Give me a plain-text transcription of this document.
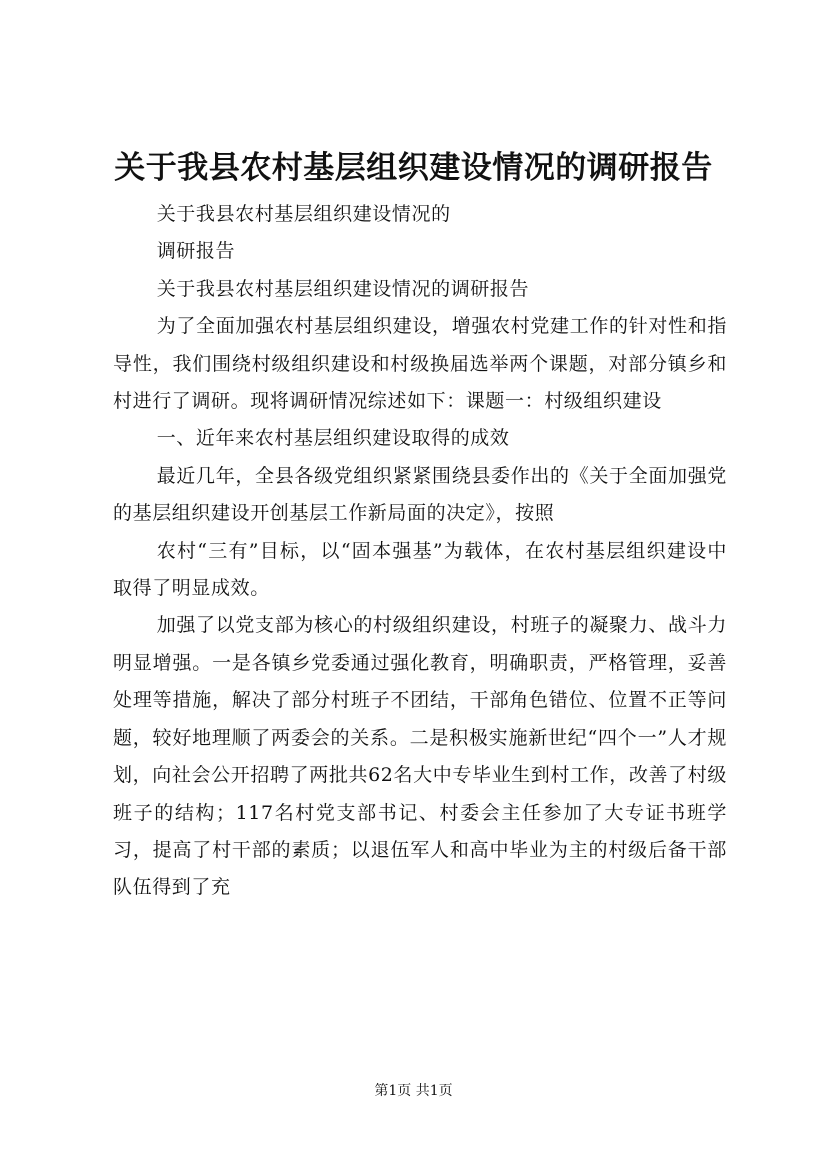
关于我县农村基层组织建设情况的调研报告

关于我县农村基层组织建设情况的

调研报告

关于我县农村基层组织建设情况的调研报告

为了全面加强农村基层组织建设，增强农村党建工作的针对性和指导性，我们围绕村级组织建设和村级换届选举两个课题，对部分镇乡和村进行了调研。现将调研情况综述如下：课题一：村级组织建设

一、近年来农村基层组织建设取得的成效

最近几年，全县各级党组织紧紧围绕县委作出的《关于全面加强党的基层组织建设开创基层工作新局面的决定》，按照

农村“三有”目标，以“固本强基”为载体，在农村基层组织建设中取得了明显成效。

加强了以党支部为核心的村级组织建设，村班子的凝聚力、战斗力明显增强。一是各镇乡党委通过强化教育，明确职责，严格管理，妥善处理等措施，解决了部分村班子不团结，干部角色错位、位置不正等问题，较好地理顺了两委会的关系。二是积极实施新世纪“四个一”人才规划，向社会公开招聘了两批共62名大中专毕业生到村工作，改善了村级班子的结构；117名村党支部书记、村委会主任参加了大专证书班学习，提高了村干部的素质；以退伍军人和高中毕业为主的村级后备干部队伍得到了充

第1页 共1页
